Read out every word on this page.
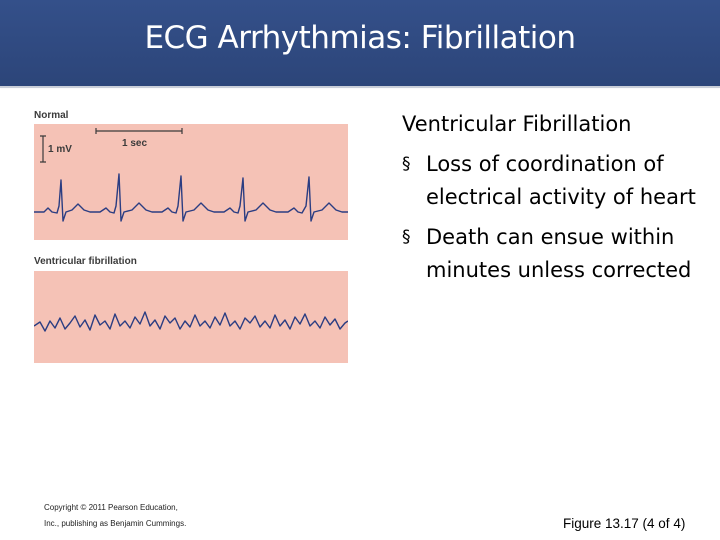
ECG Arrhythmias: Fibrillation
Normal
1 mV
1 sec
Ventricular fibrillation
Ventricular Fibrillation
§ Loss of coordination of electrical activity of heart
§ Death can ensue within minutes unless corrected
Copyright © 2011 Pearson Education, Inc., publishing as Benjamin Cummings.	Figure 13.17 (4 of 4)
